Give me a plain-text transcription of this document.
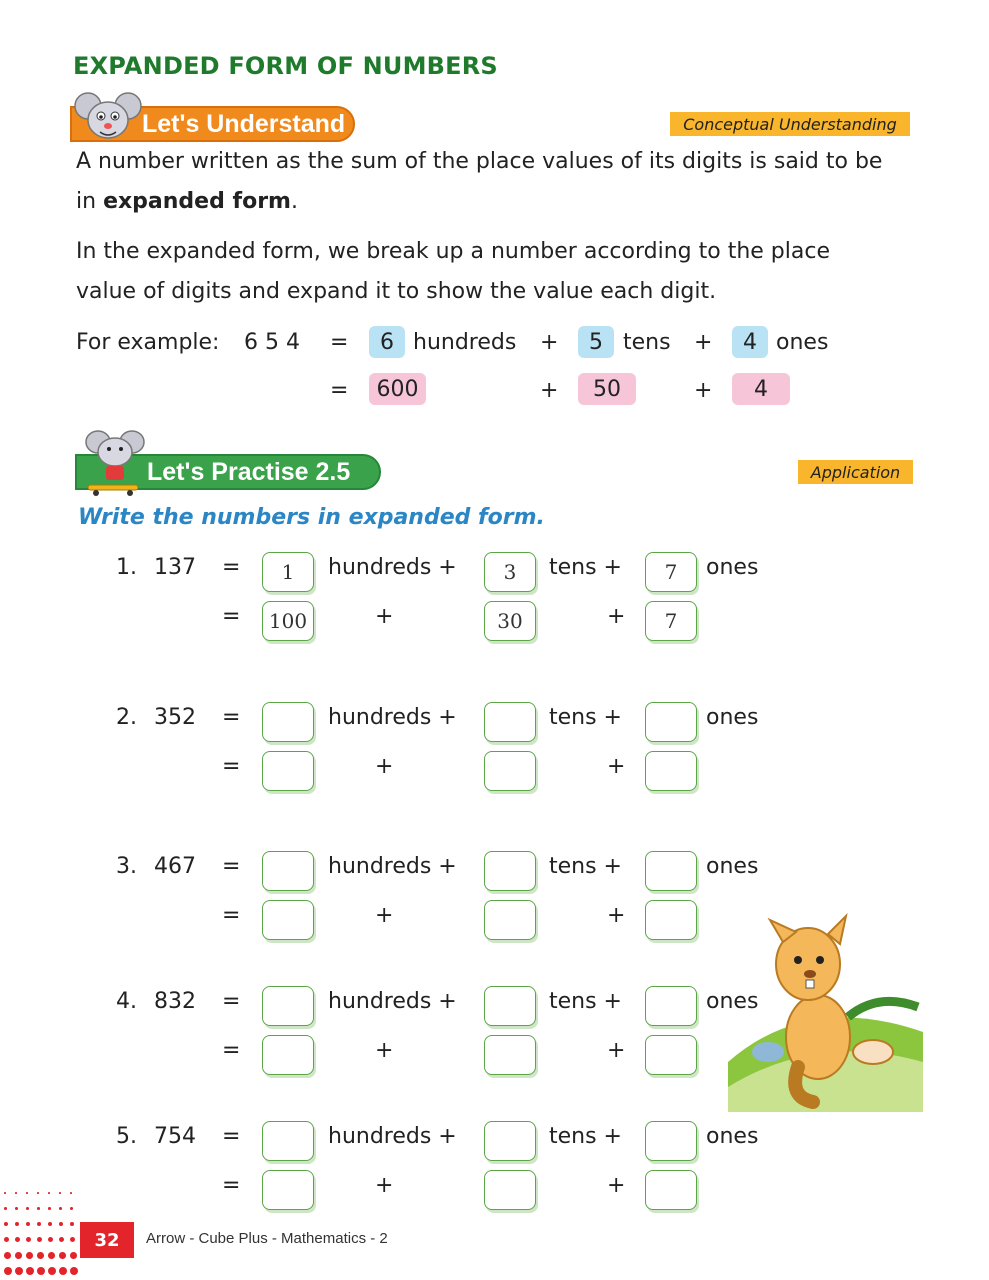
EXPANDED FORM OF NUMBERS
Let's Understand	Conceptual Understanding
A number written as the sum of the place values of its digits is said to be
in expanded form.
In the expanded form, we break up a number according to the place
value of digits and expand it to show the value each digit.
For example: 6 5 4 =	6 hundreds +	5 tens +	4 ones
=	600	+	50	+	4
Let's Practise 2.5	Application
Write the numbers in expanded form.
1. 137 =	1	hundreds +	3	tens +	7	ones
=	100	+	30	+	7
2. 352 =	hundreds +	tens +	ones
=	+	+
3. 467 =	hundreds +	tens +	ones
=	+	+
4. 832 =	hundreds +	tens +	ones
=	+	+
5. 754 =	hundreds +	tens +	ones
=	+	+
32	Arrow - Cube Plus - Mathematics - 2
